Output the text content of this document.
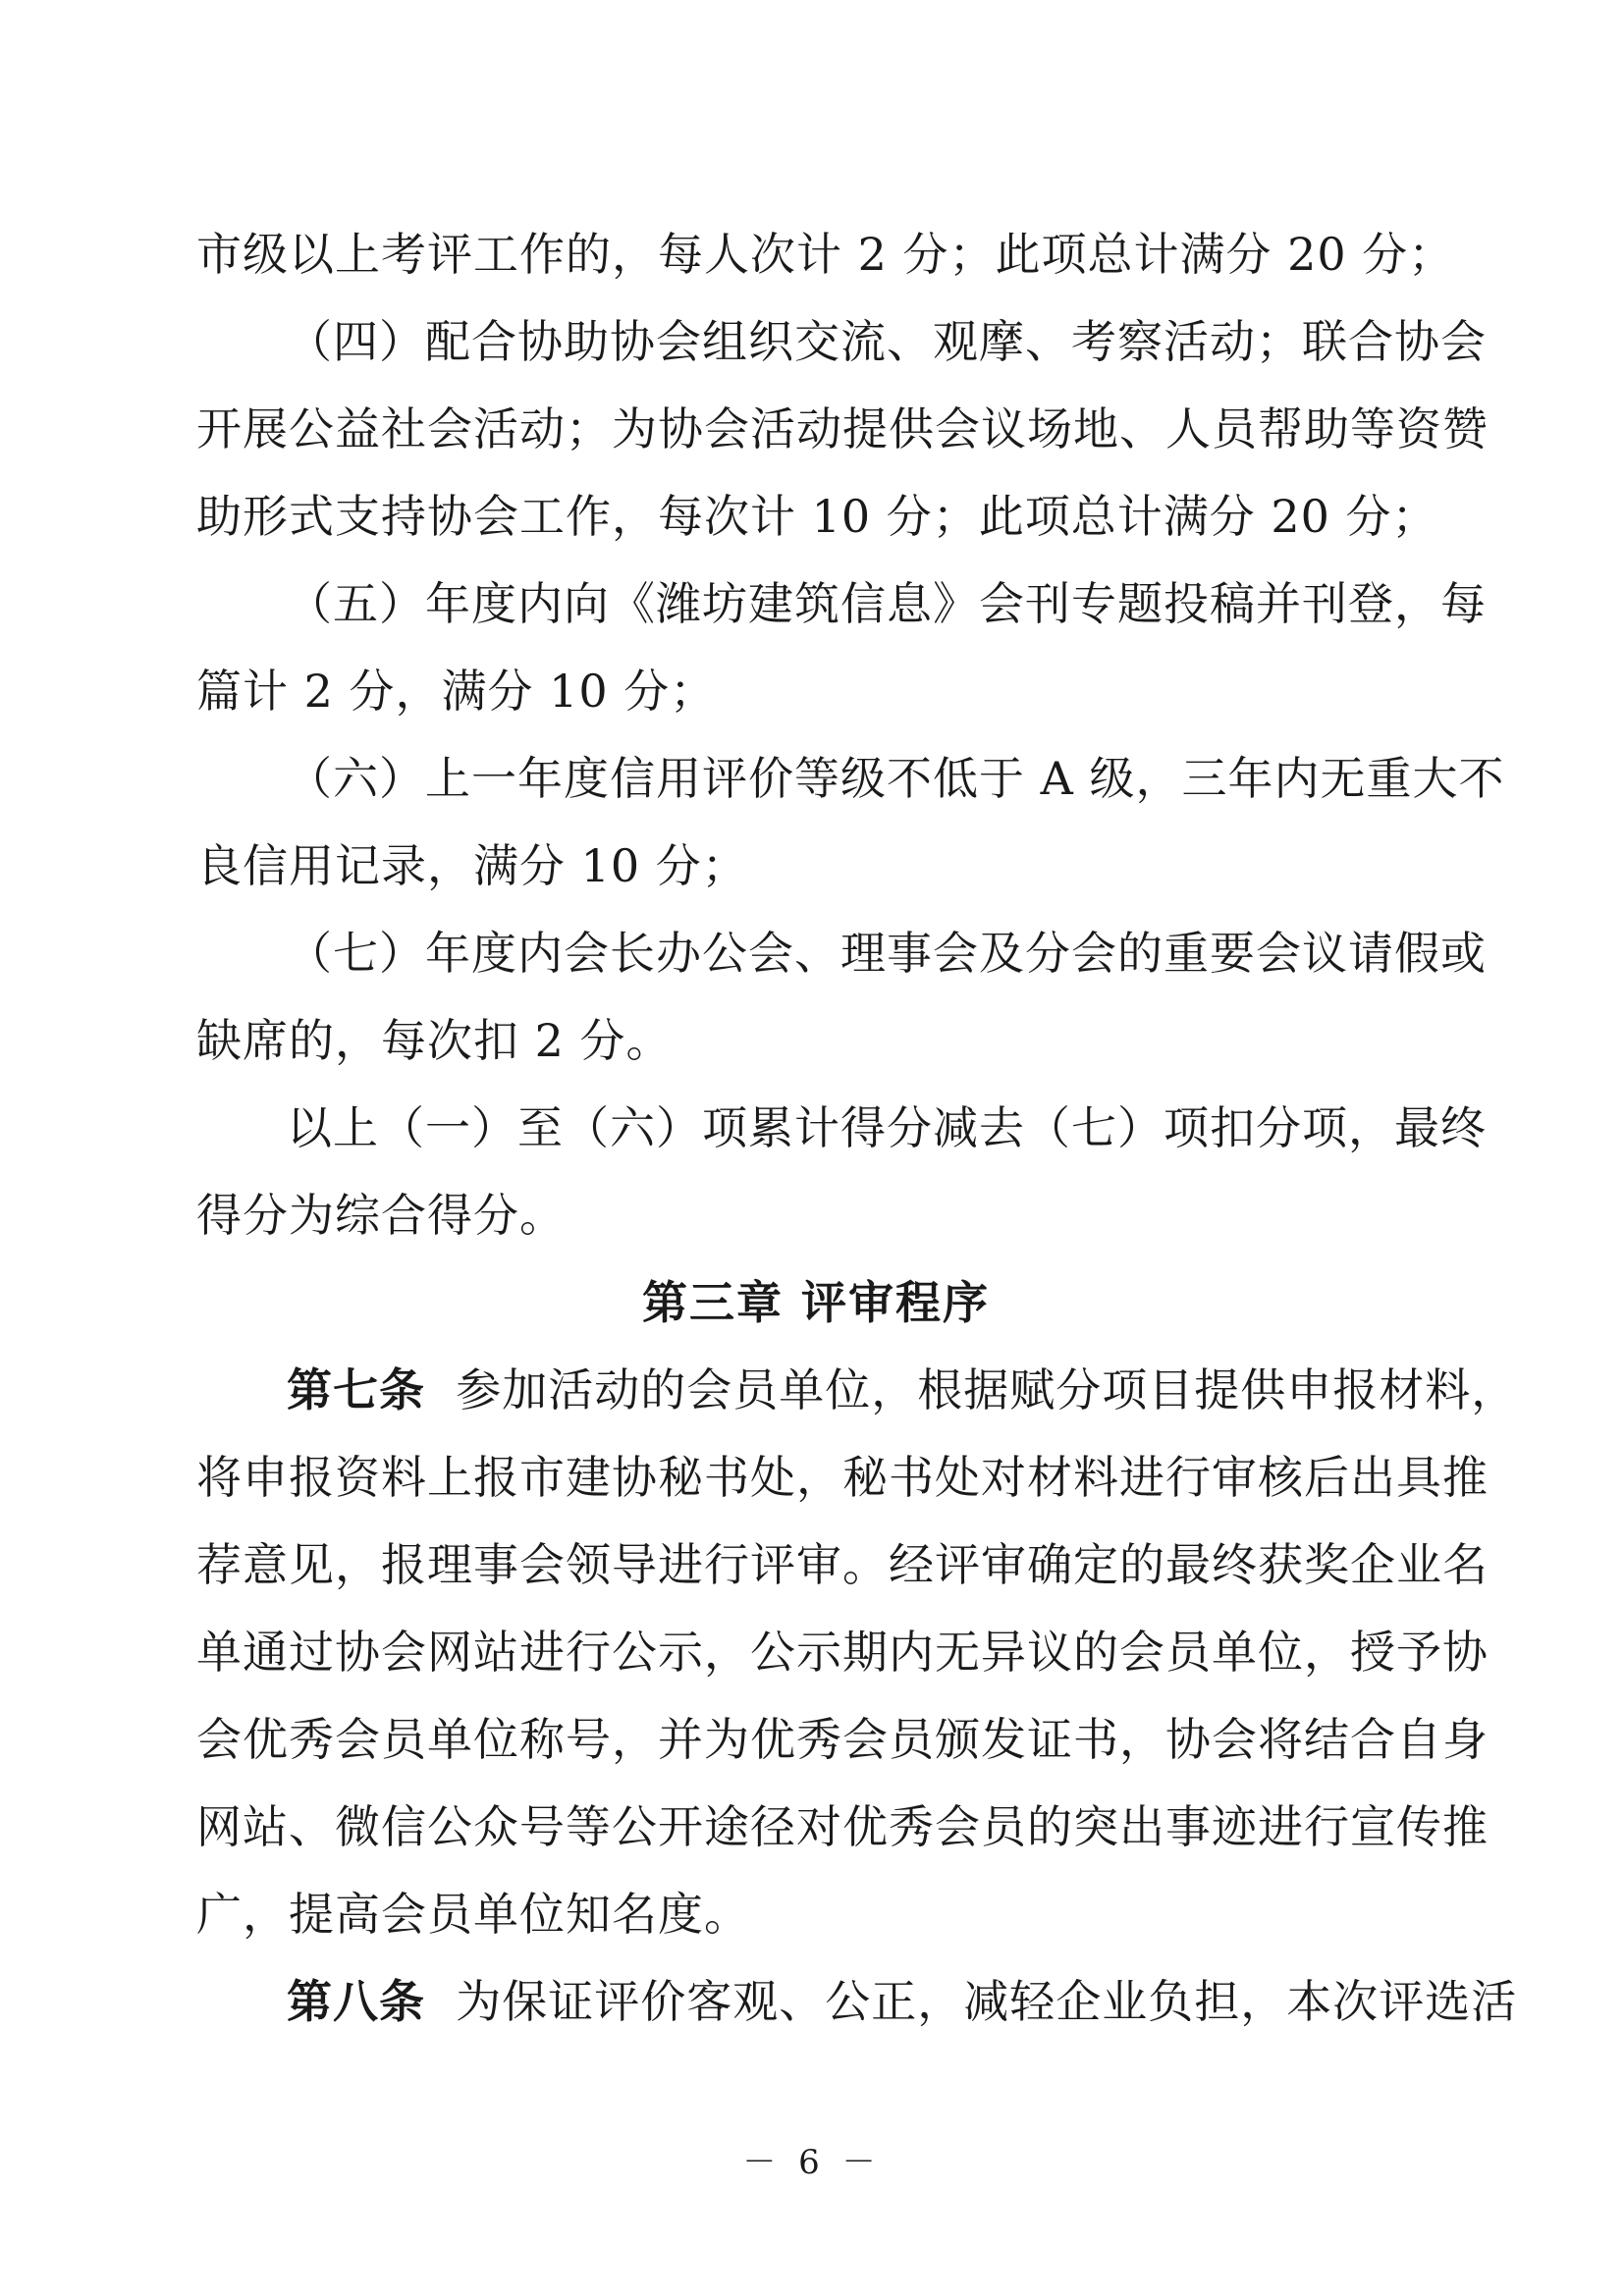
市级以上考评工作的，每人次计 2 分；此项总计满分 20 分；
（四）配合协助协会组织交流、观摩、考察活动；联合协会
开展公益社会活动；为协会活动提供会议场地、人员帮助等资赞
助形式支持协会工作，每次计 10 分；此项总计满分 20 分；
（五）年度内向《潍坊建筑信息》会刊专题投稿并刊登，每
篇计 2 分，满分 10 分；
（六）上一年度信用评价等级不低于 A 级，三年内无重大不
良信用记录，满分 10 分；
（七）年度内会长办公会、理事会及分会的重要会议请假或
缺席的，每次扣 2 分。
以上（一）至（六）项累计得分减去（七）项扣分项，最终
得分为综合得分。
第三章 评审程序
第七条 参加活动的会员单位，根据赋分项目提供申报材料，
将申报资料上报市建协秘书处，秘书处对材料进行审核后出具推
荐意见，报理事会领导进行评审。经评审确定的最终获奖企业名
单通过协会网站进行公示，公示期内无异议的会员单位，授予协
会优秀会员单位称号，并为优秀会员颁发证书，协会将结合自身
网站、微信公众号等公开途径对优秀会员的突出事迹进行宣传推
广，提高会员单位知名度。
第八条 为保证评价客观、公正，减轻企业负担，本次评选活
－ 6 －
